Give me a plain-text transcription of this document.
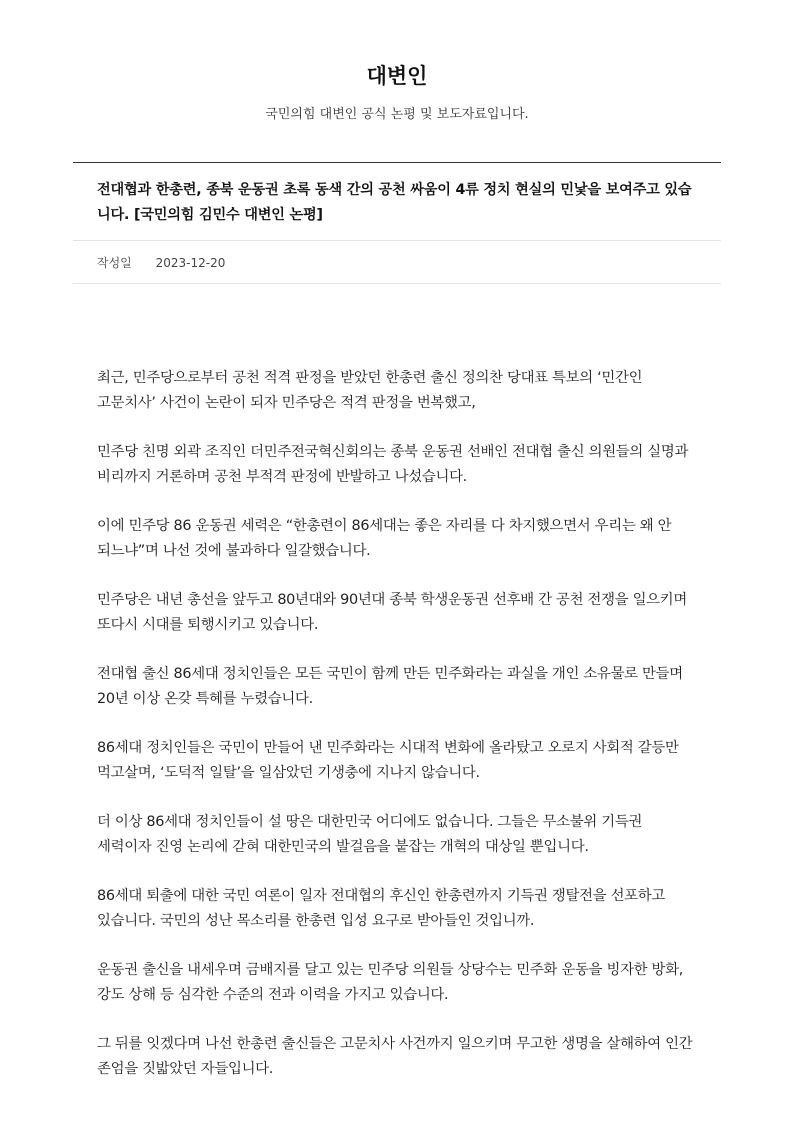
대변인

국민의힘 대변인 공식 논평 및 보도자료입니다.

전대협과 한총련, 종북 운동권 초록 동색 간의 공천 싸움이 4류 정치 현실의 민낯을 보여주고 있습니다. [국민의힘 김민수 대변인 논평]
작성일 2023-12-20

최근, 민주당으로부터 공천 적격 판정을 받았던 한총련 출신 정의찬 당대표 특보의 ‘민간인 고문치사’ 사건이 논란이 되자 민주당은 적격 판정을 번복했고,

민주당 친명 외곽 조직인 더민주전국혁신회의는 종북 운동권 선배인 전대협 출신 의원들의 실명과 비리까지 거론하며 공천 부적격 판정에 반발하고 나섰습니다.

이에 민주당 86 운동권 세력은 “한총련이 86세대는 좋은 자리를 다 차지했으면서 우리는 왜 안 되느냐”며 나선 것에 불과하다 일갈했습니다.

민주당은 내년 총선을 앞두고 80년대와 90년대 종북 학생운동권 선후배 간 공천 전쟁을 일으키며 또다시 시대를 퇴행시키고 있습니다.

전대협 출신 86세대 정치인들은 모든 국민이 함께 만든 민주화라는 과실을 개인 소유물로 만들며 20년 이상 온갖 특혜를 누렸습니다.

86세대 정치인들은 국민이 만들어 낸 민주화라는 시대적 변화에 올라탔고 오로지 사회적 갈등만 먹고살며, ‘도덕적 일탈’을 일삼았던 기생충에 지나지 않습니다.

더 이상 86세대 정치인들이 설 땅은 대한민국 어디에도 없습니다. 그들은 무소불위 기득권 세력이자 진영 논리에 갇혀 대한민국의 발걸음을 붙잡는 개혁의 대상일 뿐입니다.

86세대 퇴출에 대한 국민 여론이 일자 전대협의 후신인 한총련까지 기득권 쟁탈전을 선포하고 있습니다. 국민의 성난 목소리를 한총련 입성 요구로 받아들인 것입니까.

운동권 출신을 내세우며 금배지를 달고 있는 민주당 의원들 상당수는 민주화 운동을 빙자한 방화, 강도 상해 등 심각한 수준의 전과 이력을 가지고 있습니다.

그 뒤를 잇겠다며 나선 한총련 출신들은 고문치사 사건까지 일으키며 무고한 생명을 살해하여 인간 존엄을 짓밟았던 자들입니다.
